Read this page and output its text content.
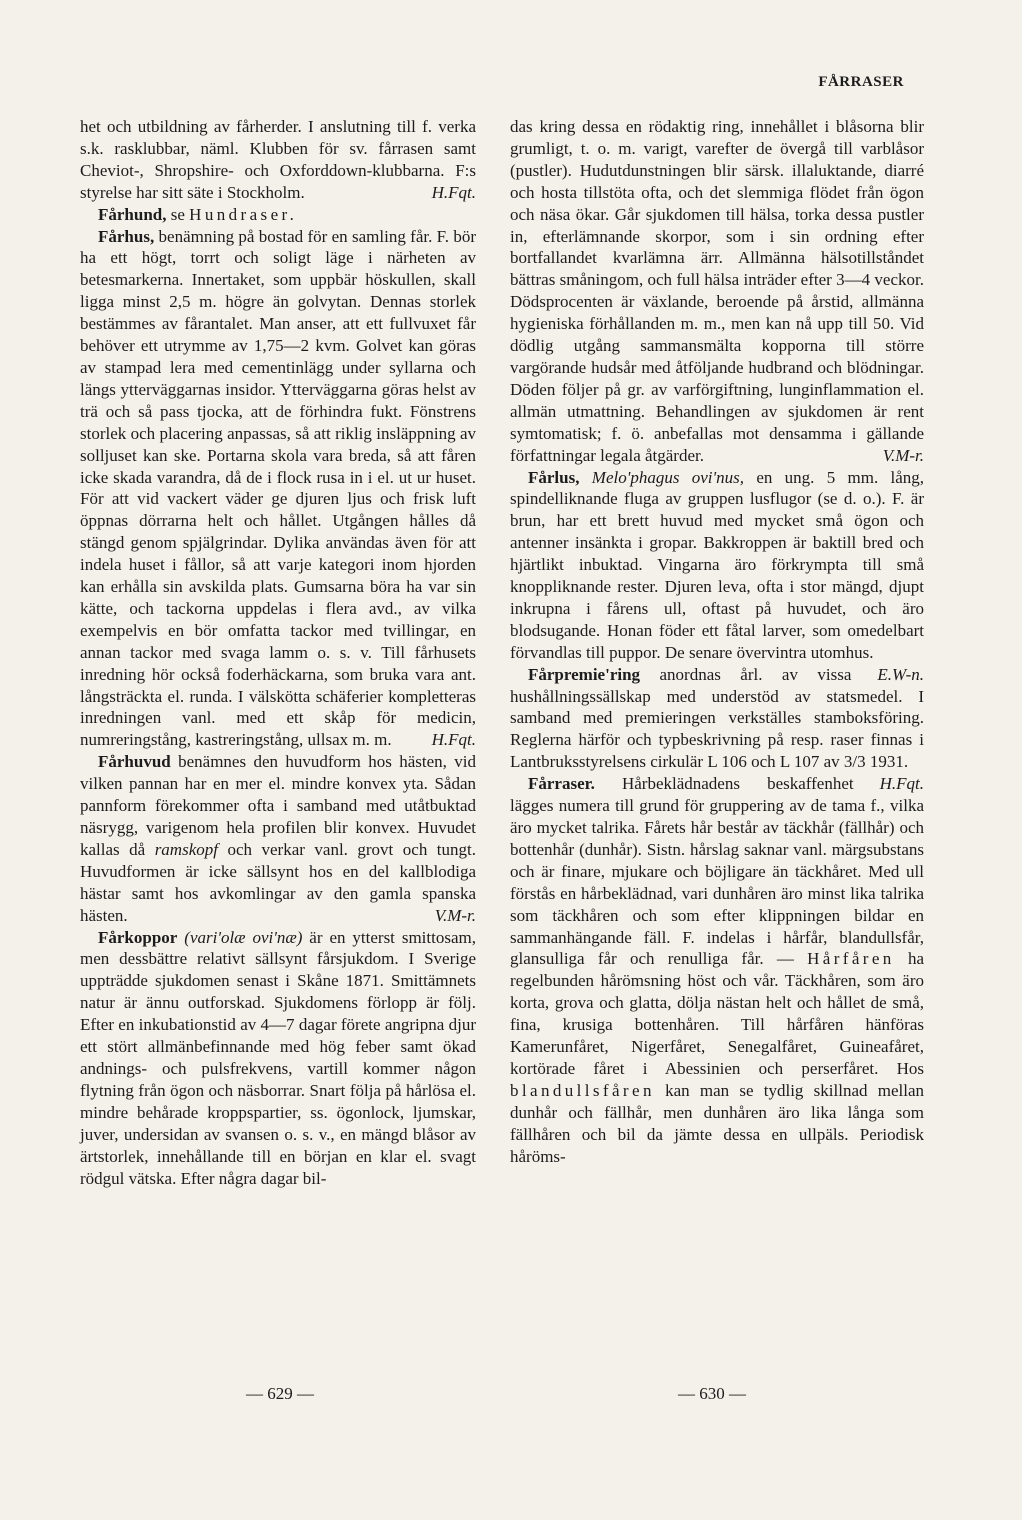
FÅRRASER

het och utbildning av fårherder. I anslutning till f. verka s.k. rasklubbar, näml. Klubben för sv. fårrasen samt Cheviot-, Shropshire- och Oxforddown-klubbarna. F:s styrelse har sitt säte i Stockholm.	H.Fqt.

Fårhund, se Hundraser.

Fårhus, benämning på bostad för en samling får. F. bör ha ett högt, torrt och soligt läge i närheten av betesmarkerna. Innertaket, som uppbär höskullen, skall ligga minst 2,5 m. högre än golvytan. Dennas storlek bestämmes av fårantalet. Man anser, att ett fullvuxet får behöver ett utrymme av 1,75—2 kvm. Golvet kan göras av stampad lera med cementinlägg under syllarna och längs ytterväggarnas insidor. Ytterväggarna göras helst av trä och så pass tjocka, att de förhindra fukt. Fönstrens storlek och placering anpassas, så att riklig insläppning av solljuset kan ske. Portarna skola vara breda, så att fåren icke skada varandra, då de i flock rusa in i el. ut ur huset. För att vid vackert väder ge djuren ljus och frisk luft öppnas dörrarna helt och hållet. Utgången hålles då stängd genom spjälgrindar. Dylika användas även för att indela huset i fållor, så att varje kategori inom hjorden kan erhålla sin avskilda plats. Gumsarna böra ha var sin kätte, och tackorna uppdelas i flera avd., av vilka exempelvis en bör omfatta tackor med tvillingar, en annan tackor med svaga lamm o. s. v. Till fårhusets inredning hör också foderhäckarna, som bruka vara ant. långsträckta el. runda. I välskötta schäferier kompletteras inredningen vanl. med ett skåp för medicin, numreringstång, kastreringstång, ullsax m. m.	H.Fqt.

Fårhuvud benämnes den huvudform hos hästen, vid vilken pannan har en mer el. mindre konvex yta. Sådan pannform förekommer ofta i samband med utåtbuktad näsrygg, varigenom hela profilen blir konvex. Huvudet kallas då ramskopf och verkar vanl. grovt och tungt. Huvudformen är icke sällsynt hos en del kallblodiga hästar samt hos avkomlingar av den gamla spanska hästen.	V.M-r.

Fårkoppor (vari'olæ ovi'næ) är en ytterst smittosam, men dessbättre relativt sällsynt fårsjukdom. I Sverige uppträdde sjukdomen senast i Skåne 1871. Smittämnets natur är ännu outforskad. Sjukdomens förlopp är följ. Efter en inkubationstid av 4—7 dagar förete angripna djur ett stört allmänbefinnande med hög feber samt ökad andnings- och pulsfrekvens, vartill kommer någon flytning från ögon och näsborrar. Snart följa på hårlösa el. mindre behårade kroppspartier, ss. ögonlock, ljumskar, juver, undersidan av svansen o. s. v., en mängd blåsor av ärtstorlek, innehållande till en början en klar el. svagt rödgul vätska. Efter några dagar bil-

das kring dessa en rödaktig ring, innehållet i blåsorna blir grumligt, t. o. m. varigt, varefter de övergå till varblåsor (pustler). Hudutdunstningen blir särsk. illaluktande, diarré och hosta tillstöta ofta, och det slemmiga flödet från ögon och näsa ökar. Går sjukdomen till hälsa, torka dessa pustler in, efterlämnande skorpor, som i sin ordning efter bortfallandet kvarlämna ärr. Allmänna hälsotillståndet bättras småningom, och full hälsa inträder efter 3—4 veckor. Dödsprocenten är växlande, beroende på årstid, allmänna hygieniska förhållanden m. m., men kan nå upp till 50. Vid dödlig utgång sammansmälta kopporna till större vargörande hudsår med åtföljande hudbrand och blödningar. Döden följer på gr. av varförgiftning, lunginflammation el. allmän utmattning. Behandlingen av sjukdomen är rent symtomatisk; f. ö. anbefallas mot densamma i gällande författningar legala åtgärder.	V.M-r.

Fårlus, Melo'phagus ovi'nus, en ung. 5 mm. lång, spindelliknande fluga av gruppen lusflugor (se d. o.). F. är brun, har ett brett huvud med mycket små ögon och antenner insänkta i gropar. Bakkroppen är baktill bred och hjärtlikt inbuktad. Vingarna äro förkrympta till små knoppliknande rester. Djuren leva, ofta i stor mängd, djupt inkrupna i fårens ull, oftast på huvudet, och äro blodsugande. Honan föder ett fåtal larver, som omedelbart förvandlas till puppor. De senare övervintra utomhus.
E.W-n.

Fårpremie'ring anordnas årl. av vissa hushållningssällskap med understöd av statsmedel. I samband med premieringen verkställes stamboksföring. Reglerna härför och typbeskrivning på resp. raser finnas i Lantbruksstyrelsens cirkulär L 106 och L 107 av 3/3 1931.
H.Fqt.

Fårraser. Hårbeklädnadens beskaffenhet lägges numera till grund för gruppering av de tama f., vilka äro mycket talrika. Fårets hår består av täckhår (fällhår) och bottenhår (dunhår). Sistn. hårslag saknar vanl. märgsubstans och är finare, mjukare och böjligare än täckhåret. Med ull förstås en hårbeklädnad, vari dunhåren äro minst lika talrika som täckhåren och som efter klippningen bildar en sammanhängande fäll. F. indelas i hårfår, blandullsfår, glansulliga får och renulliga får. — Hårfåren ha regelbunden hårömsning höst och vår. Täckhåren, som äro korta, grova och glatta, dölja nästan helt och hållet de små, fina, krusiga bottenhåren. Till hårfåren hänföras Kamerunfåret, Nigerfåret, Senegalfåret, Guineafåret, kortörade fåret i Abessinien och perserfåret. Hos blandullsfåren kan man se tydlig skillnad mellan dunhår och fällhår, men dunhåren äro lika långa som fällhåren och bil da jämte dessa en ullpäls. Periodisk håröms-

— 629 —	— 630 —
